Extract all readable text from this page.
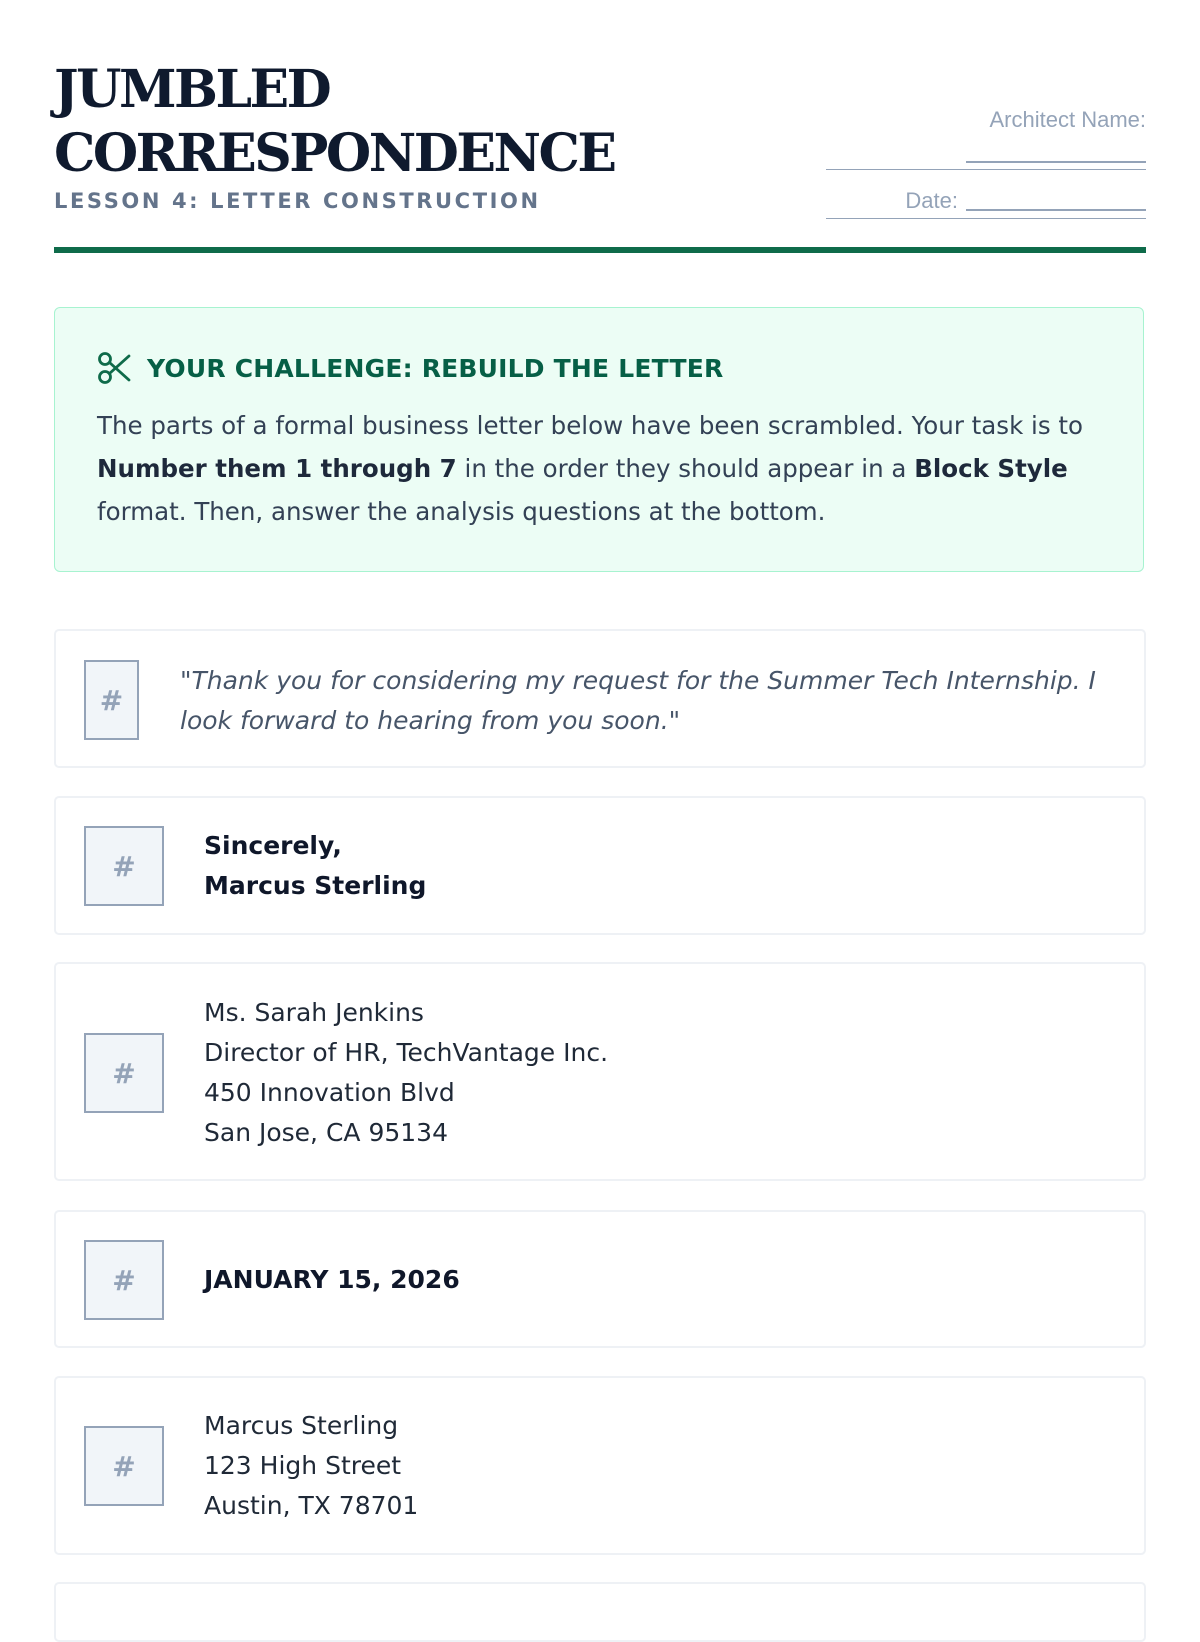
JUMBLED
CORRESPONDENCE
LESSON 4: LETTER CONSTRUCTION
Architect Name:
Date:
YOUR CHALLENGE: REBUILD THE LETTER
The parts of a formal business letter below have been scrambled. Your task is to Number them 1 through 7 in the order they should appear in a Block Style format. Then, answer the analysis questions at the bottom.
#
"Thank you for considering my request for the Summer Tech Internship. I look forward to hearing from you soon."
#
Sincerely,
Marcus Sterling
#
Ms. Sarah Jenkins
Director of HR, TechVantage Inc.
450 Innovation Blvd
San Jose, CA 95134
#	JANUARY 15, 2026
#
Marcus Sterling
123 High Street
Austin, TX 78701
